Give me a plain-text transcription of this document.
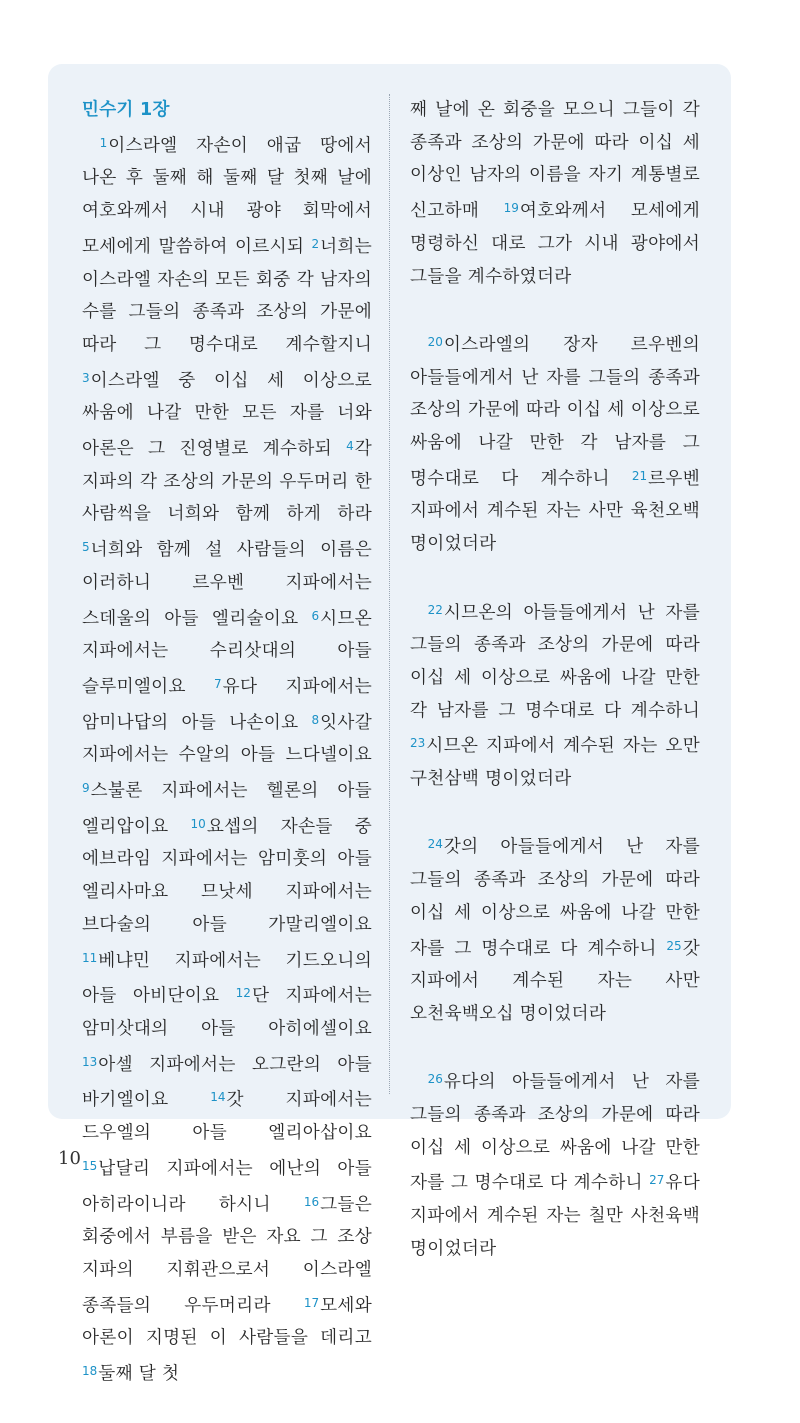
민수기 1장

$^1$이스라엘 자손이 애굽 땅에서 나온 후 둘째 해 둘째 달 첫째 날에 여호와께서 시내 광야 회막에서 모세에게 말씀하여 이르시되 $^2$너희는 이스라엘 자손의 모든 회중 각 남자의 수를 그들의 종족과 조상의 가문에 따라 그 명수대로 계수할지니 $^3$이스라엘 중 이십 세 이상으로 싸움에 나갈 만한 모든 자를 너와 아론은 그 진영별로 계수하되 $^4$각 지파의 각 조상의 가문의 우두머리 한 사람씩을 너희와 함께 하게 하라 $^5$너희와 함께 설 사람들의 이름은 이러하니 르우벤 지파에서는 스데울의 아들 엘리술이요 $^6$시므온 지파에서는 수리삿대의 아들 슬루미엘이요 $^7$유다 지파에서는 암미나답의 아들 나손이요 $^8$잇사갈 지파에서는 수알의 아들 느다넬이요 $^9$스불론 지파에서는 헬론의 아들 엘리압이요 $^{10}$요셉의 자손들 중 에브라임 지파에서는 암미훗의 아들 엘리사마요 므낫세 지파에서는 브다술의 아들 가말리엘이요 $^{11}$베냐민 지파에서는 기드오니의 아들 아비단이요 $^{12}$단 지파에서는 암미삿대의 아들 아히에셀이요 $^{13}$아셀 지파에서는 오그란의 아들 바기엘이요 $^{14}$갓 지파에서는 드우엘의 아들 엘리아삽이요 $^{15}$납달리 지파에서는 에난의 아들 아히라이니라 하시니 $^{16}$그들은 회중에서 부름을 받은 자요 그 조상 지파의 지휘관으로서 이스라엘 종족들의 우두머리라 $^{17}$모세와 아론이 지명된 이 사람들을 데리고 $^{18}$둘째 달 첫

째 날에 온 회중을 모으니 그들이 각 종족과 조상의 가문에 따라 이십 세 이상인 남자의 이름을 자기 계통별로 신고하매 $^{19}$여호와께서 모세에게 명령하신 대로 그가 시내 광야에서 그들을 계수하였더라

$^{20}$이스라엘의 장자 르우벤의 아들들에게서 난 자를 그들의 종족과 조상의 가문에 따라 이십 세 이상으로 싸움에 나갈 만한 각 남자를 그 명수대로 다 계수하니 $^{21}$르우벤 지파에서 계수된 자는 사만 육천오백 명이었더라

$^{22}$시므온의 아들들에게서 난 자를 그들의 종족과 조상의 가문에 따라 이십 세 이상으로 싸움에 나갈 만한 각 남자를 그 명수대로 다 계수하니 $^{23}$시므온 지파에서 계수된 자는 오만 구천삼백 명이었더라

$^{24}$갓의 아들들에게서 난 자를 그들의 종족과 조상의 가문에 따라 이십 세 이상으로 싸움에 나갈 만한 자를 그 명수대로 다 계수하니 $^{25}$갓 지파에서 계수된 자는 사만 오천육백오십 명이었더라

$^{26}$유다의 아들들에게서 난 자를 그들의 종족과 조상의 가문에 따라 이십 세 이상으로 싸움에 나갈 만한 자를 그 명수대로 다 계수하니 $^{27}$유다 지파에서 계수된 자는 칠만 사천육백 명이었더라

10
